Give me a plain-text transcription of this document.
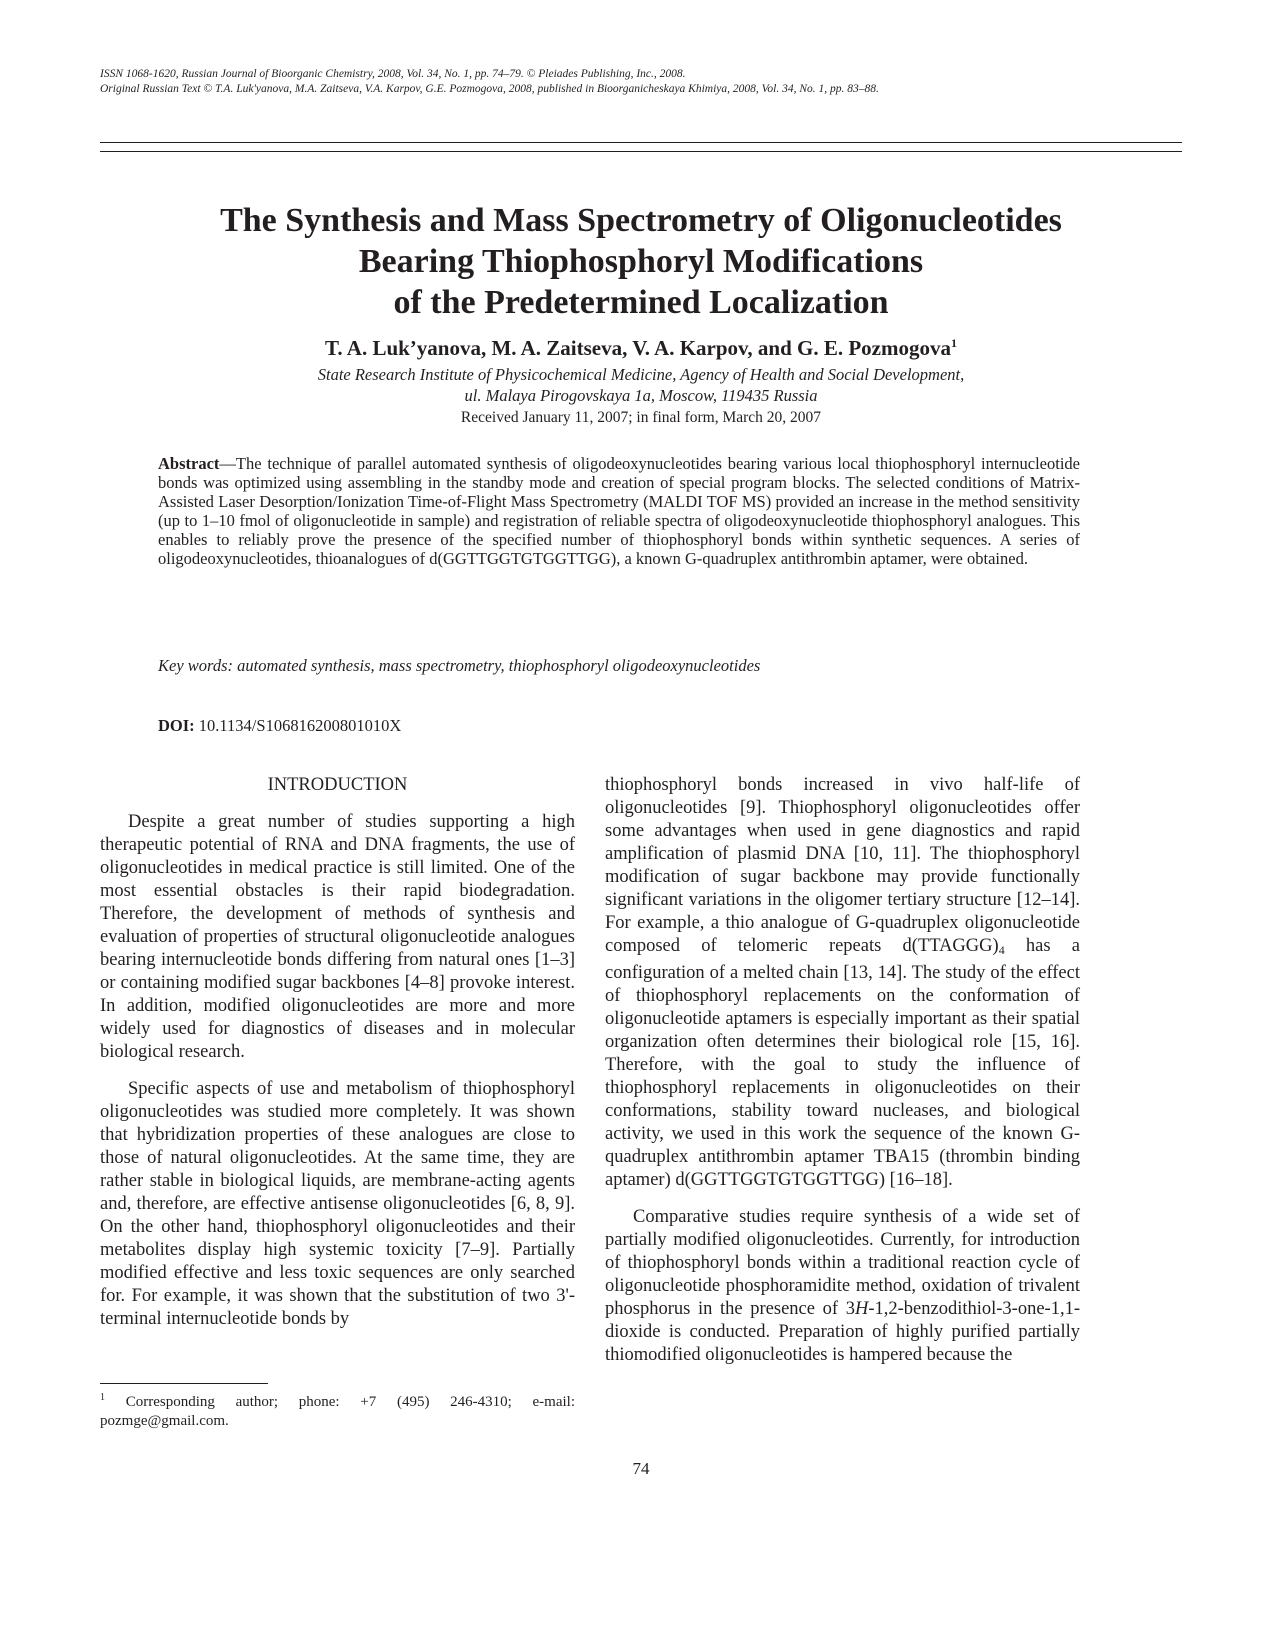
ISSN 1068-1620, Russian Journal of Bioorganic Chemistry, 2008, Vol. 34, No. 1, pp. 74–79. © Pleiades Publishing, Inc., 2008.
Original Russian Text © T.A. Luk'yanova, M.A. Zaitseva, V.A. Karpov, G.E. Pozmogova, 2008, published in Bioorganicheskaya Khimiya, 2008, Vol. 34, No. 1, pp. 83–88.
The Synthesis and Mass Spectrometry of Oligonucleotides
Bearing Thiophosphoryl Modifications
of the Predetermined Localization
T. A. Luk’yanova, M. A. Zaitseva, V. A. Karpov, and G. E. Pozmogova$^1$
State Research Institute of Physicochemical Medicine, Agency of Health and Social Development,
ul. Malaya Pirogovskaya 1a, Moscow, 119435 Russia
Received January 11, 2007; in final form, March 20, 2007
Abstract—The technique of parallel automated synthesis of oligodeoxynucleotides bearing various local thiophosphoryl internucleotide bonds was optimized using assembling in the standby mode and creation of special program blocks. The selected conditions of Matrix-Assisted Laser Desorption/Ionization Time-of-Flight Mass Spectrometry (MALDI TOF MS) provided an increase in the method sensitivity (up to 1–10 fmol of oligonucleotide in sample) and registration of reliable spectra of oligodeoxynucleotide thiophosphoryl analogues. This enables to reliably prove the presence of the specified number of thiophosphoryl bonds within synthetic sequences. A series of oligodeoxynucleotides, thioanalogues of d(GGTTGGTGTGGTTGG), a known G-quadruplex antithrombin aptamer, were obtained.
Key words: automated synthesis, mass spectrometry, thiophosphoryl oligodeoxynucleotides
DOI: 10.1134/S106816200801010X
INTRODUCTION

Despite a great number of studies supporting a high therapeutic potential of RNA and DNA fragments, the use of oligonucleotides in medical practice is still limited. One of the most essential obstacles is their rapid biodegradation. Therefore, the development of methods of synthesis and evaluation of properties of structural oligonucleotide analogues bearing internucleotide bonds differing from natural ones [1–3] or containing modified sugar backbones [4–8] provoke interest. In addition, modified oligonucleotides are more and more widely used for diagnostics of diseases and in molecular biological research.

Specific aspects of use and metabolism of thiophosphoryl oligonucleotides was studied more completely. It was shown that hybridization properties of these analogues are close to those of natural oligonucleotides. At the same time, they are rather stable in biological liquids, are membrane-acting agents and, therefore, are effective antisense oligonucleotides [6, 8, 9]. On the other hand, thiophosphoryl oligonucleotides and their metabolites display high systemic toxicity [7–9]. Partially modified effective and less toxic sequences are only searched for. For example, it was shown that the substitution of two 3'-terminal internucleotide bonds by

thiophosphoryl bonds increased in vivo half-life of oligonucleotides [9]. Thiophosphoryl oligonucleotides offer some advantages when used in gene diagnostics and rapid amplification of plasmid DNA [10, 11]. The thiophosphoryl modification of sugar backbone may provide functionally significant variations in the oligomer tertiary structure [12–14]. For example, a thio analogue of G-quadruplex oligonucleotide composed of telomeric repeats $d(TTAGGG)_4$ has a configuration of a melted chain [13, 14]. The study of the effect of thiophosphoryl replacements on the conformation of oligonucleotide aptamers is especially important as their spatial organization often determines their biological role [15, 16]. Therefore, with the goal to study the influence of thiophosphoryl replacements in oligonucleotides on their conformations, stability toward nucleases, and biological activity, we used in this work the sequence of the known G-quadruplex antithrombin aptamer TBA15 (thrombin binding aptamer) d(GGTTGGTGTGGTTGG) [16–18].

Comparative studies require synthesis of a wide set of partially modified oligonucleotides. Currently, for introduction of thiophosphoryl bonds within a traditional reaction cycle of oligonucleotide phosphoramidite method, oxidation of trivalent phosphorus in the presence of 3H-1,2-benzodithiol-3-one-1,1-dioxide is conducted. Preparation of highly purified partially thiomodified oligonucleotides is hampered because the

$^1$ Corresponding author; phone: +7 (495) 246-4310; e-mail: pozmge@gmail.com.
74
